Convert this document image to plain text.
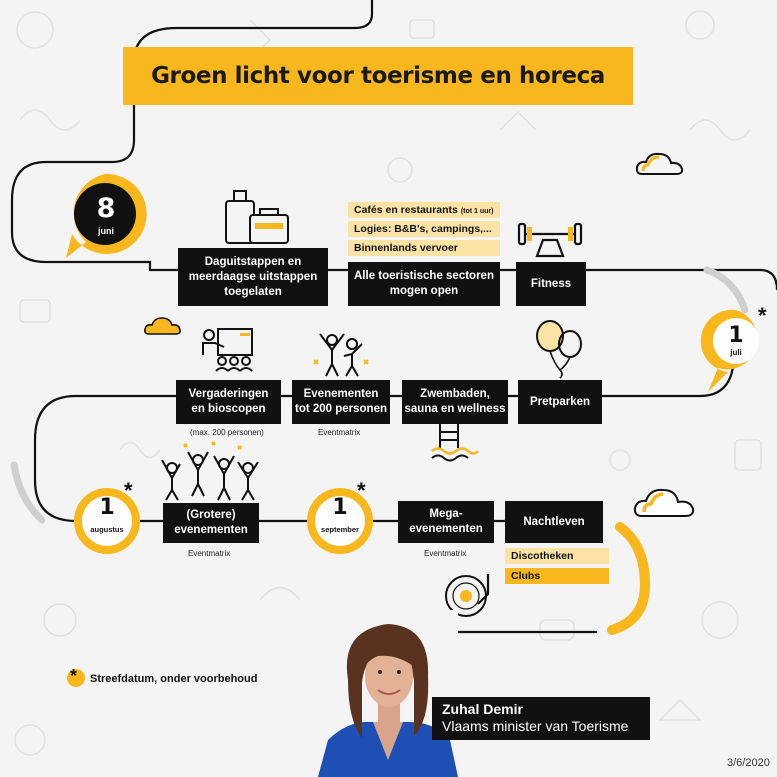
Groen licht voor toerisme en horeca
8
juni
1
juli
*
1
augustus
*
1
september
*
Daguitstappen en
meerdaagse uitstappen
toegelaten
Cafés en restaurants (tot 1 uur)
Logies: B&B's, campings,...
Binnenlands vervoer
Alle toeristische sectoren
mogen open
Fitness
Vergaderingen
en bioscopen
(max. 200 personen)
Evenementen
tot 200 personen
Eventmatrix
Zwembaden,
sauna en wellness
Pretparken
(Grotere)
evenementen
Eventmatrix
Mega-
evenementen
Eventmatrix
Nachtleven
Discotheken
Clubs
Zuhal Demir
Vlaams minister van Toerisme
* Streefdatum, onder voorbehoud
3/6/2020
